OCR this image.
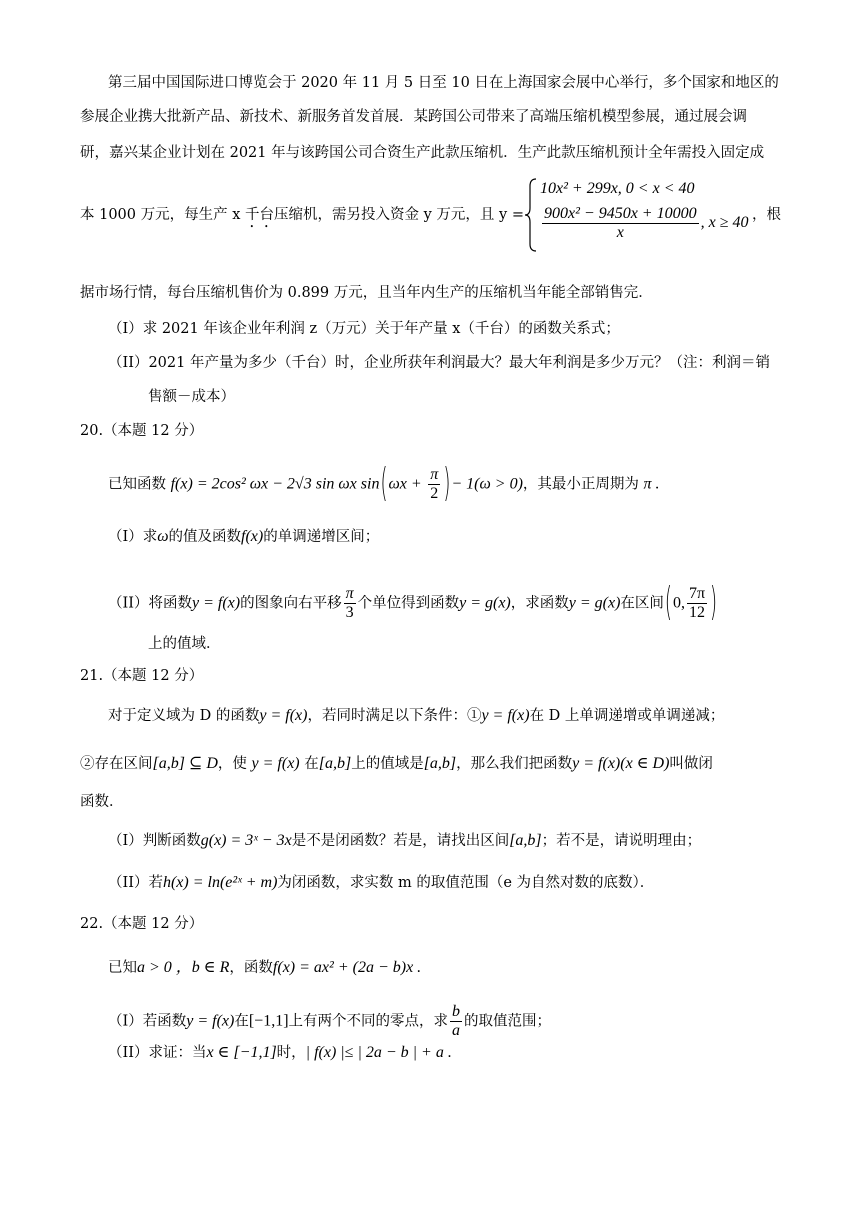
第三届中国国际进口博览会于 2020 年 11 月 5 日至 10 日在上海国家会展中心举行，多个国家和地区的
参展企业携大批新产品、新技术、新服务首发首展．某跨国公司带来了高端压缩机模型参展，通过展会调
研，嘉兴某企业计划在 2021 年与该跨国公司合资生产此款压缩机．生产此款压缩机预计全年需投入固定成
本 1000 万元，每生产 x 千台压缩机，需另投入资金 y 万元，且 y =
10x² + 299x, 0 < x < 40
$\frac{\text{900x² − 9450x + 10000}}{x}$ , x ≥ 40 ，根
据市场行情，每台压缩机售价为 0.899 万元，且当年内生产的压缩机当年能全部销售完．
（I）求 2021 年该企业年利润 z（万元）关于年产量 x（千台）的函数关系式；
（II）2021 年产量为多少（千台）时，企业所获年利润最大？最大年利润是多少万元？（注：利润＝销
售额－成本）
20.（本题 12 分）
已知函数 f(x) = 2cos² ωx − 2√3 sin ωx $\sin(\omega x + \frac{\pi}{2}$ )− 1(ω > 0)，其最小正周期为 π .
（I）求ω的值及函数f(x)的单调递增区间；
（II）将函数y = f(x)的图象向右平移 $\frac{\pi}{3}$ 个单位得到函数y = g(x)，求函数y = g(x)在区间(0, $\frac{7\pi}{12}$ )
上的值域．
21.（本题 12 分）
对于定义域为 D 的函数y = f(x)，若同时满足以下条件：①y = f(x)在 D 上单调递增或单调递减；
②存在区间[a,b] ⊆ D，使 y = f(x) 在[a,b]上的值域是[a,b]，那么我们把函数y = f(x)(x ∈ D)叫做闭
函数．
（I）判断函数g(x) = 3ˣ − 3x是不是闭函数？若是，请找出区间[a,b]；若不是，请说明理由；
（II）若h(x) = ln(e²ˣ + m)为闭函数，求实数 m 的取值范围（e 为自然对数的底数）．
22.（本题 12 分）
已知a > 0 ，b ∈ R，函数f(x) = ax² + (2a − b)x .
（I）若函数y = f(x)在[−1,1]上有两个不同的零点，求 $\frac{b}{a}$ 的取值范围；
（II）求证：当x ∈ [−1,1]时，| f(x) |≤ | 2a − b | + a .
